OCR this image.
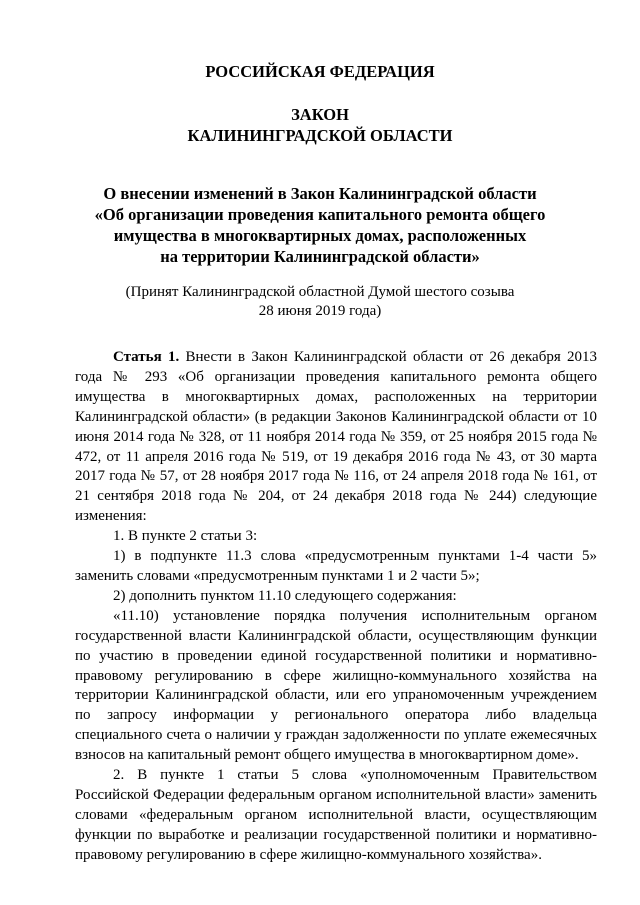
РОССИЙСКАЯ ФЕДЕРАЦИЯ
ЗАКОН
КАЛИНИНГРАДСКОЙ ОБЛАСТИ
О внесении изменений в Закон Калининградской области
«Об организации проведения капитального ремонта общего
имущества в многоквартирных домах, расположенных
на территории Калининградской области»
(Принят Калининградской областной Думой шестого созыва
28 июня 2019 года)

Статья 1. Внести в Закон Калининградской области от 26 декабря 2013 года № 293 «Об организации проведения капитального ремонта общего имущества в многоквартирных домах, расположенных на территории Калининградской области» (в редакции Законов Калининградской области от 10 июня 2014 года № 328, от 11 ноября 2014 года № 359, от 25 ноября 2015 года № 472, от 11 апреля 2016 года № 519, от 19 декабря 2016 года № 43, от 30 марта 2017 года № 57, от 28 ноября 2017 года № 116, от 24 апреля 2018 года № 161, от 21 сентября 2018 года № 204, от 24 декабря 2018 года № 244) следующие изменения:

1. В пункте 2 статьи 3:

1) в подпункте 11.3 слова «предусмотренным пунктами 1-4 части 5» заменить словами «предусмотренным пунктами 1 и 2 части 5»;

2) дополнить пунктом 11.10 следующего содержания:

«11.10) установление порядка получения исполнительным органом государственной власти Калининградской области, осуществляющим функции по участию в проведении единой государственной политики и нормативно-правовому регулированию в сфере жилищно-коммунального хозяйства на территории Калининградской области, или его упраномоченным учреждением по запросу информации у регионального оператора либо владельца специального счета о наличии у граждан задолженности по уплате ежемесячных взносов на капитальный ремонт общего имущества в многоквартирном доме».

2. В пункте 1 статьи 5 слова «уполномоченным Правительством Российской Федерации федеральным органом исполнительной власти» заменить словами «федеральным органом исполнительной власти, осуществляющим функции по выработке и реализации государственной политики и нормативно-правовому регулированию в сфере жилищно-коммунального хозяйства».
